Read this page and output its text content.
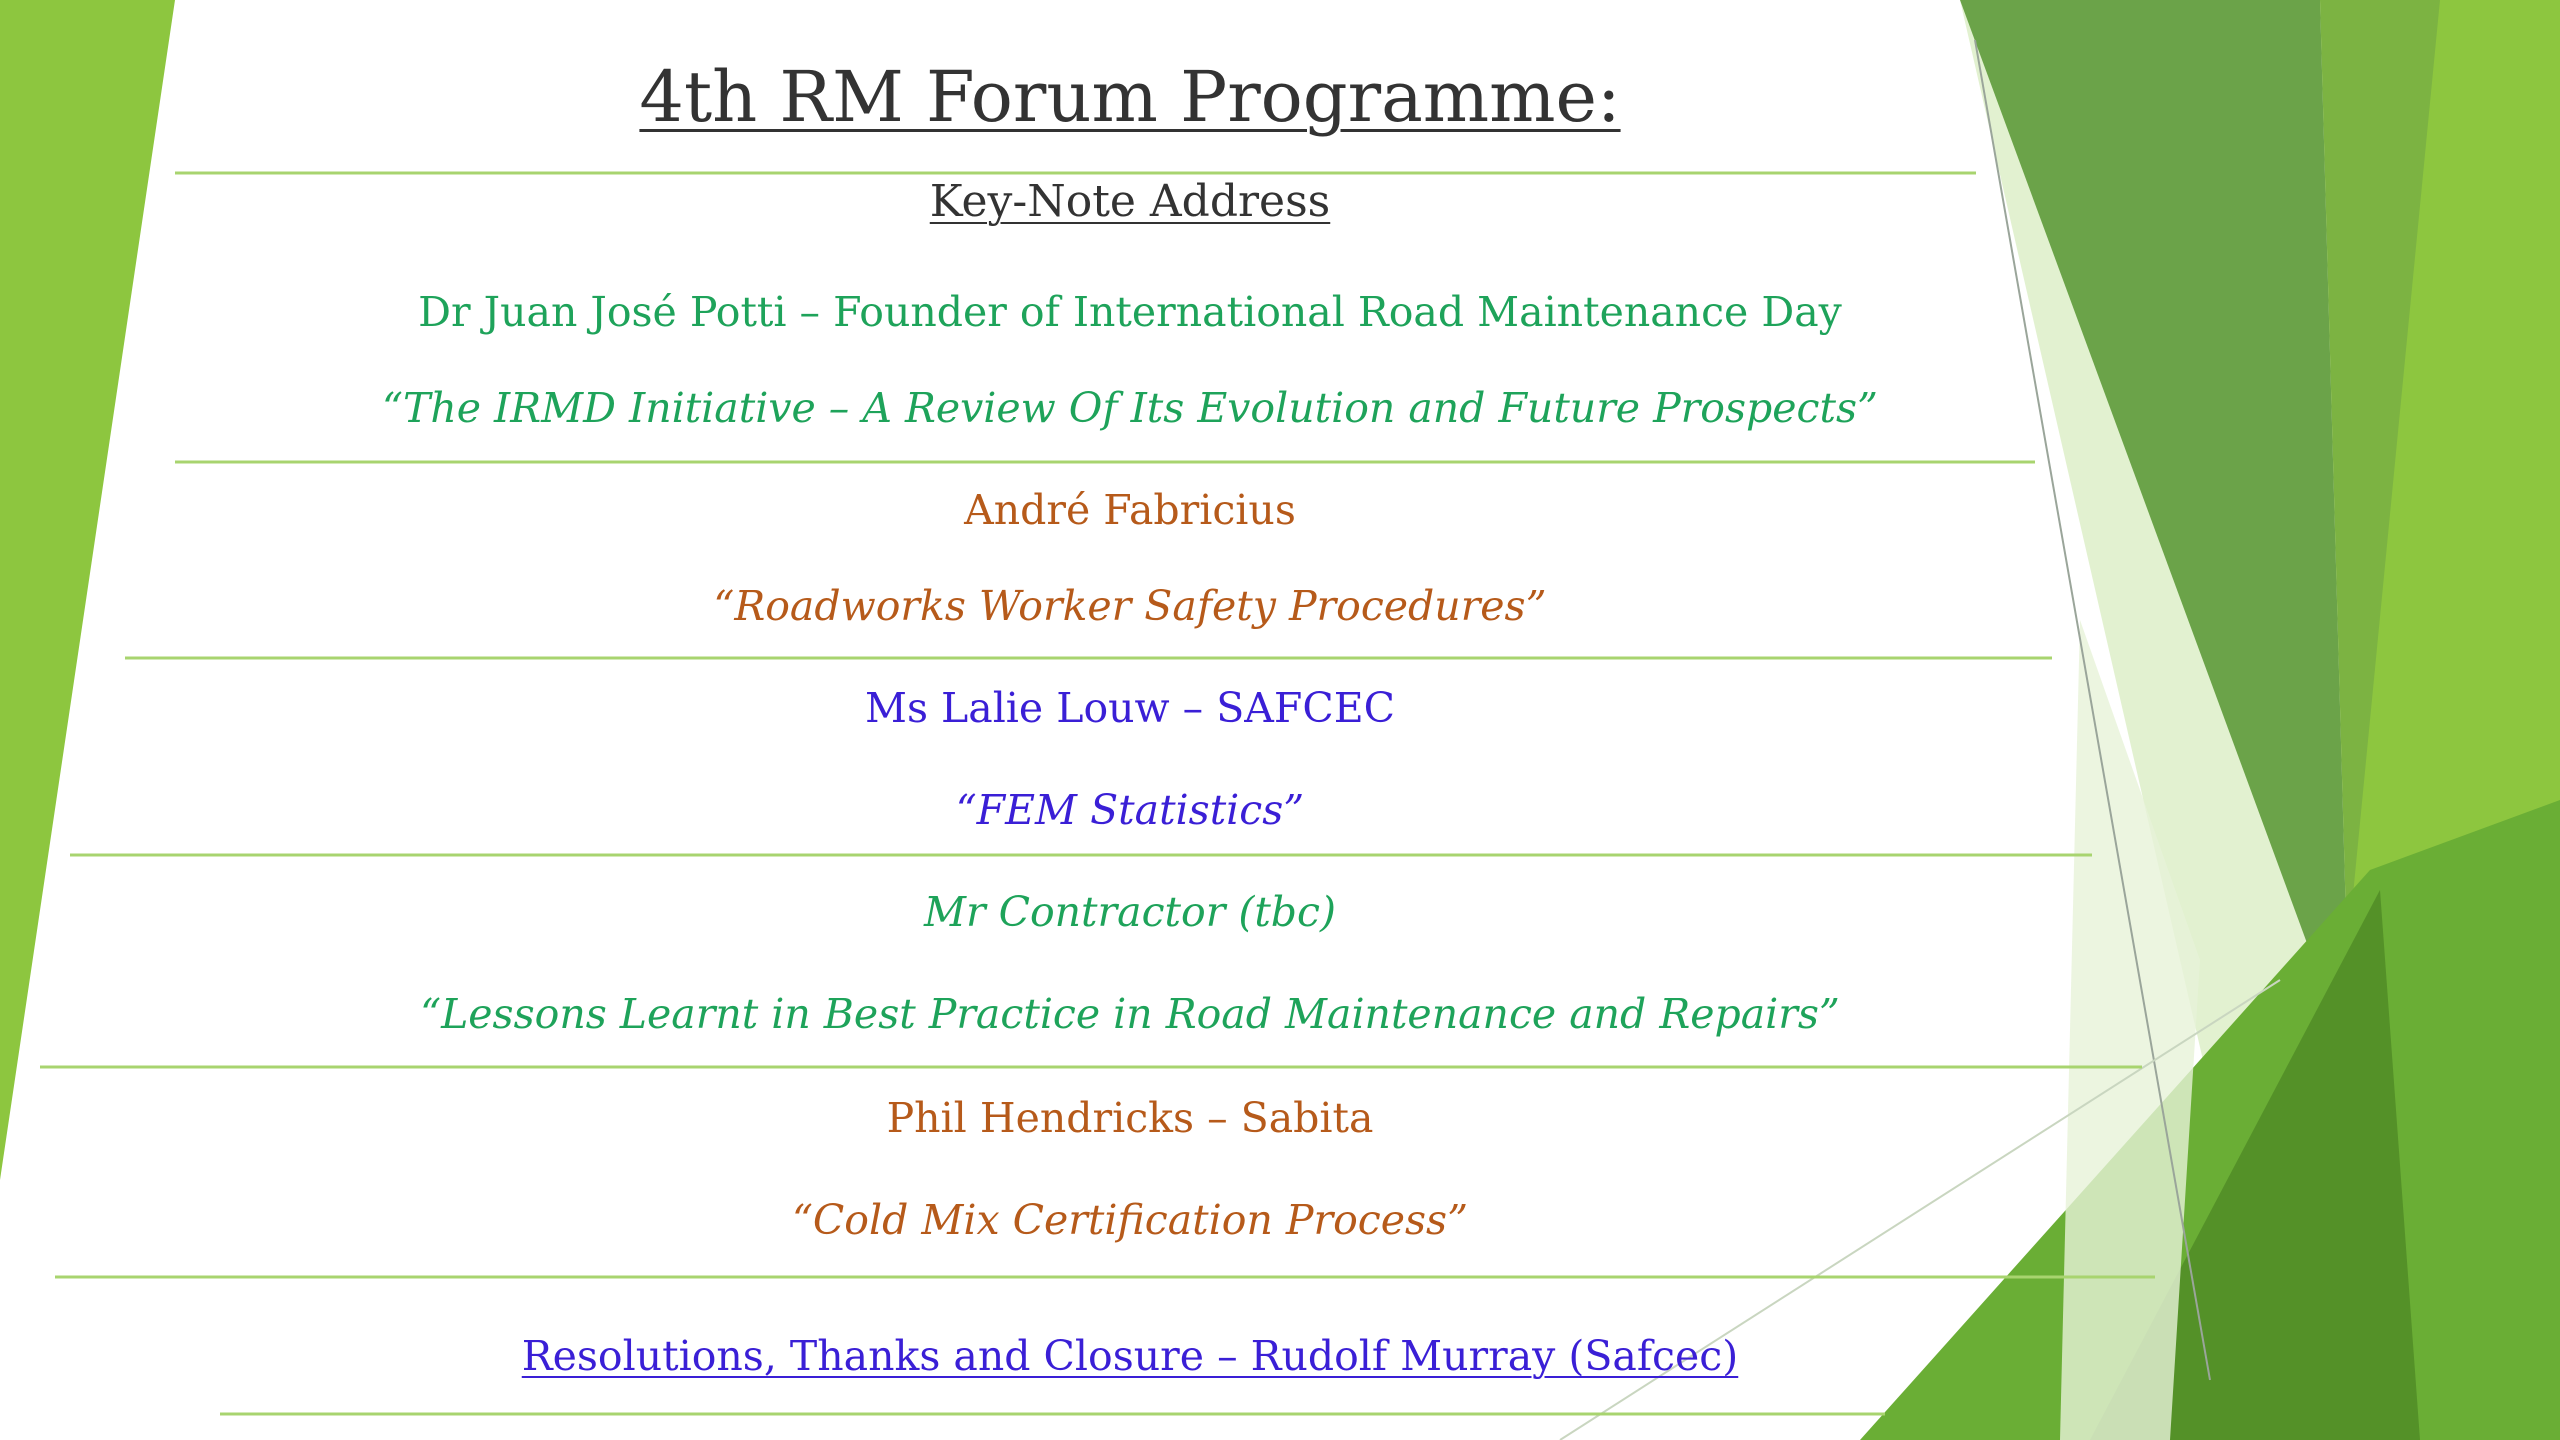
4th RM Forum Programme:
Key-Note Address
Dr Juan José Potti – Founder of International Road Maintenance Day
“The IRMD Initiative – A Review Of Its Evolution and Future Prospects”
André Fabricius
“Roadworks Worker Safety Procedures”
Ms Lalie Louw – SAFCEC
“FEM Statistics”
Mr Contractor (tbc)
“Lessons Learnt in Best Practice in Road Maintenance and Repairs”
Phil Hendricks – Sabita
“Cold Mix Certification Process”
Resolutions, Thanks and Closure – Rudolf Murray (Safcec)
